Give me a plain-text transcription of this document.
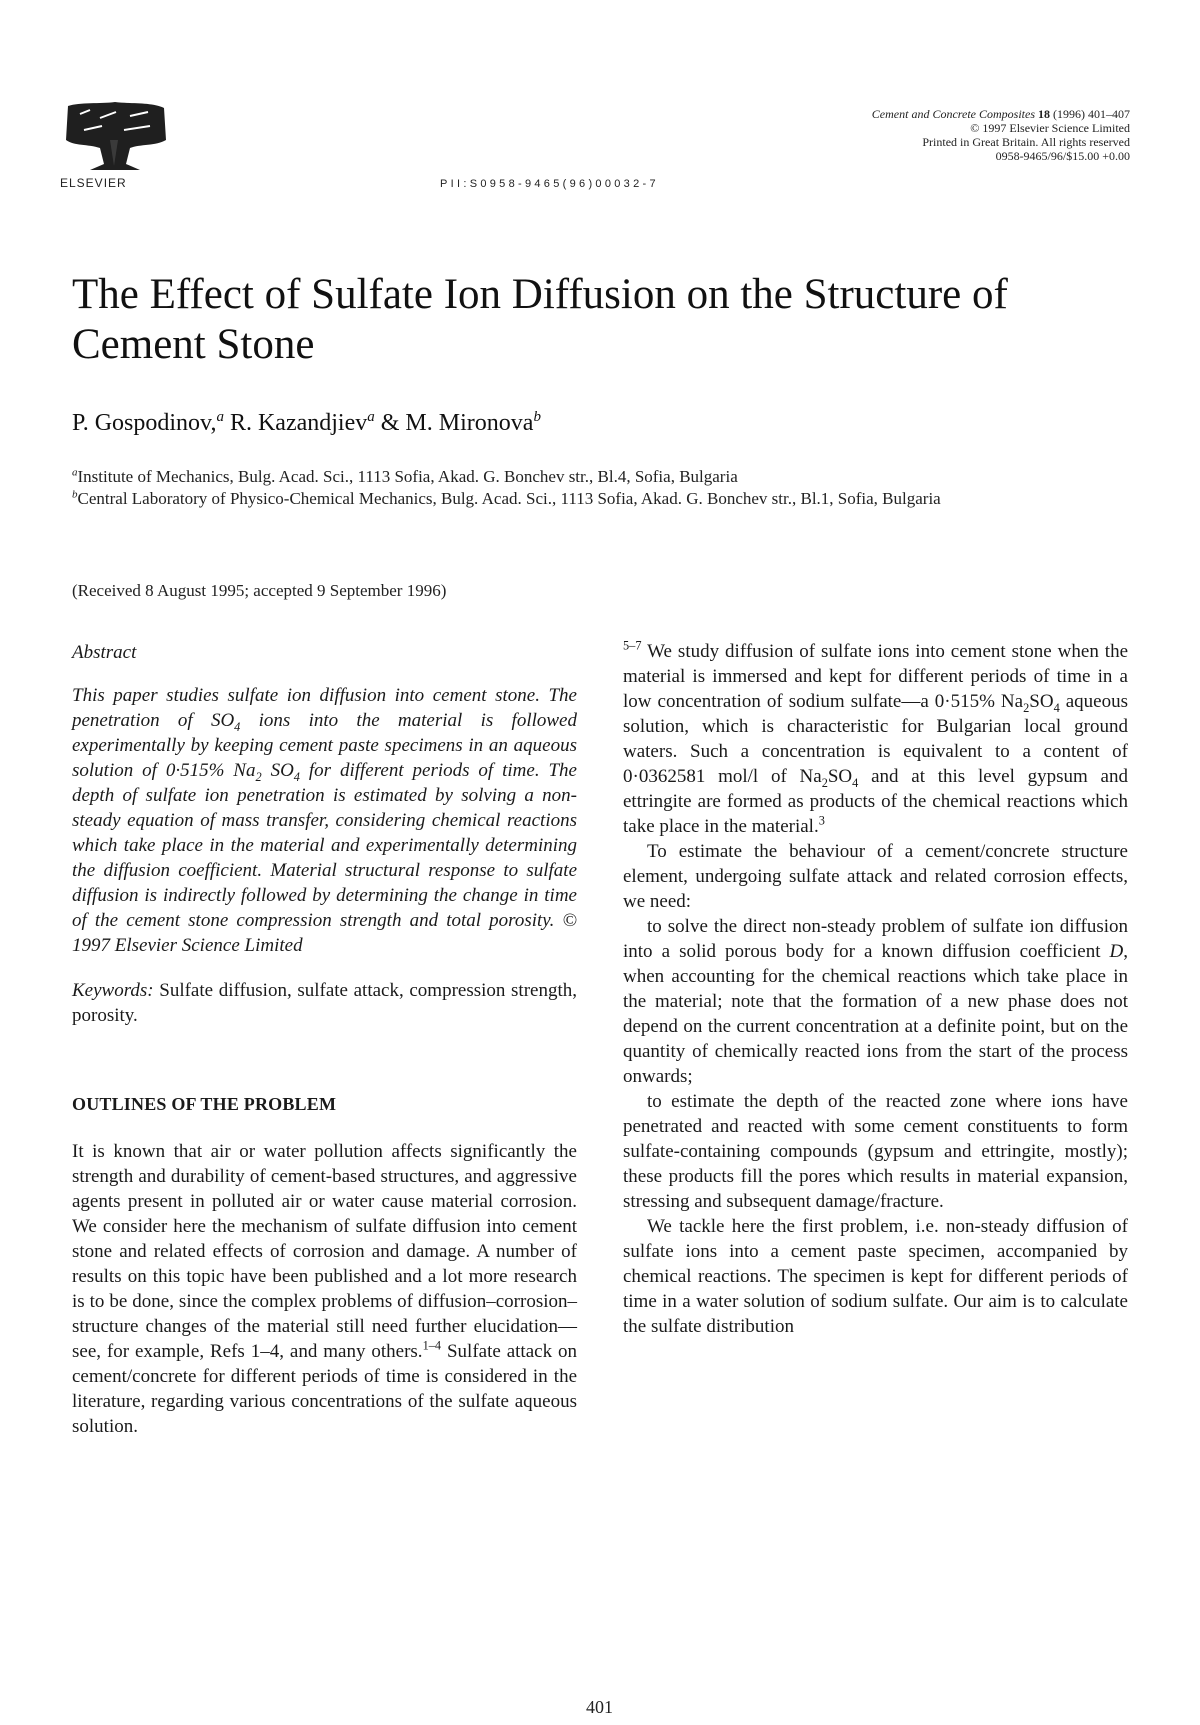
ELSEVIER	PII:S0958-9465(96)00032-7
Cement and Concrete Composites 18 (1996) 401–407
© 1997 Elsevier Science Limited
Printed in Great Britain. All rights reserved
0958-9465/96/$15.00 +0.00
The Effect of Sulfate Ion Diffusion on the Structure of Cement Stone

P. Gospodinov,$^a$ R. Kazandjiev$^a$ & M. Mironova$^b$

$^a$Institute of Mechanics, Bulg. Acad. Sci., 1113 Sofia, Akad. G. Bonchev str., Bl.4, Sofia, Bulgaria
$^b$Central Laboratory of Physico-Chemical Mechanics, Bulg. Acad. Sci., 1113 Sofia, Akad. G. Bonchev str., Bl.1, Sofia, Bulgaria

(Received 8 August 1995; accepted 9 September 1996)

Abstract

This paper studies sulfate ion diffusion into cement stone. The penetration of $SO_4$ ions into the material is followed experimentally by keeping cement paste specimens in an aqueous solution of 0·515% $Na_2$ $SO_4$ for different periods of time. The depth of sulfate ion penetration is estimated by solving a non-steady equation of mass transfer, considering chemical reactions which take place in the material and experimentally determining the diffusion coefficient. Material structural response to sulfate diffusion is indirectly followed by determining the change in time of the cement stone compression strength and total porosity. © 1997 Elsevier Science Limited

Keywords: Sulfate diffusion, sulfate attack, compression strength, porosity.

OUTLINES OF THE PROBLEM

It is known that air or water pollution affects significantly the strength and durability of cement-based structures, and aggressive agents present in polluted air or water cause material corrosion. We consider here the mechanism of sulfate diffusion into cement stone and related effects of corrosion and damage. A number of results on this topic have been published and a lot more research is to be done, since the complex problems of diffusion–corrosion–structure changes of the material still need further elucidation—see, for example, Refs 1–4, and many others.$^{1-4}$ Sulfate attack on cement/concrete for different periods of time is considered in the literature, regarding various concentrations of the sulfate aqueous solution.

$^{5-7}$ We study diffusion of sulfate ions into cement stone when the material is immersed and kept for different periods of time in a low concentration of sodium sulfate—a 0·515% $Na_2SO_4$ aqueous solution, which is characteristic for Bulgarian local ground waters. Such a concentration is equivalent to a content of 0·0362581 mol/l of $Na_2SO_4$ and at this level gypsum and ettringite are formed as products of the chemical reactions which take place in the material.$^3$

To estimate the behaviour of a cement/concrete structure element, undergoing sulfate attack and related corrosion effects, we need:

to solve the direct non-steady problem of sulfate ion diffusion into a solid porous body for a known diffusion coefficient D, when accounting for the chemical reactions which take place in the material; note that the formation of a new phase does not depend on the current concentration at a definite point, but on the quantity of chemically reacted ions from the start of the process onwards;

to estimate the depth of the reacted zone where ions have penetrated and reacted with some cement constituents to form sulfate-containing compounds (gypsum and ettringite, mostly); these products fill the pores which results in material expansion, stressing and subsequent damage/fracture.

We tackle here the first problem, i.e. non-steady diffusion of sulfate ions into a cement paste specimen, accompanied by chemical reactions. The specimen is kept for different periods of time in a water solution of sodium sulfate. Our aim is to calculate the sulfate distribution

401
